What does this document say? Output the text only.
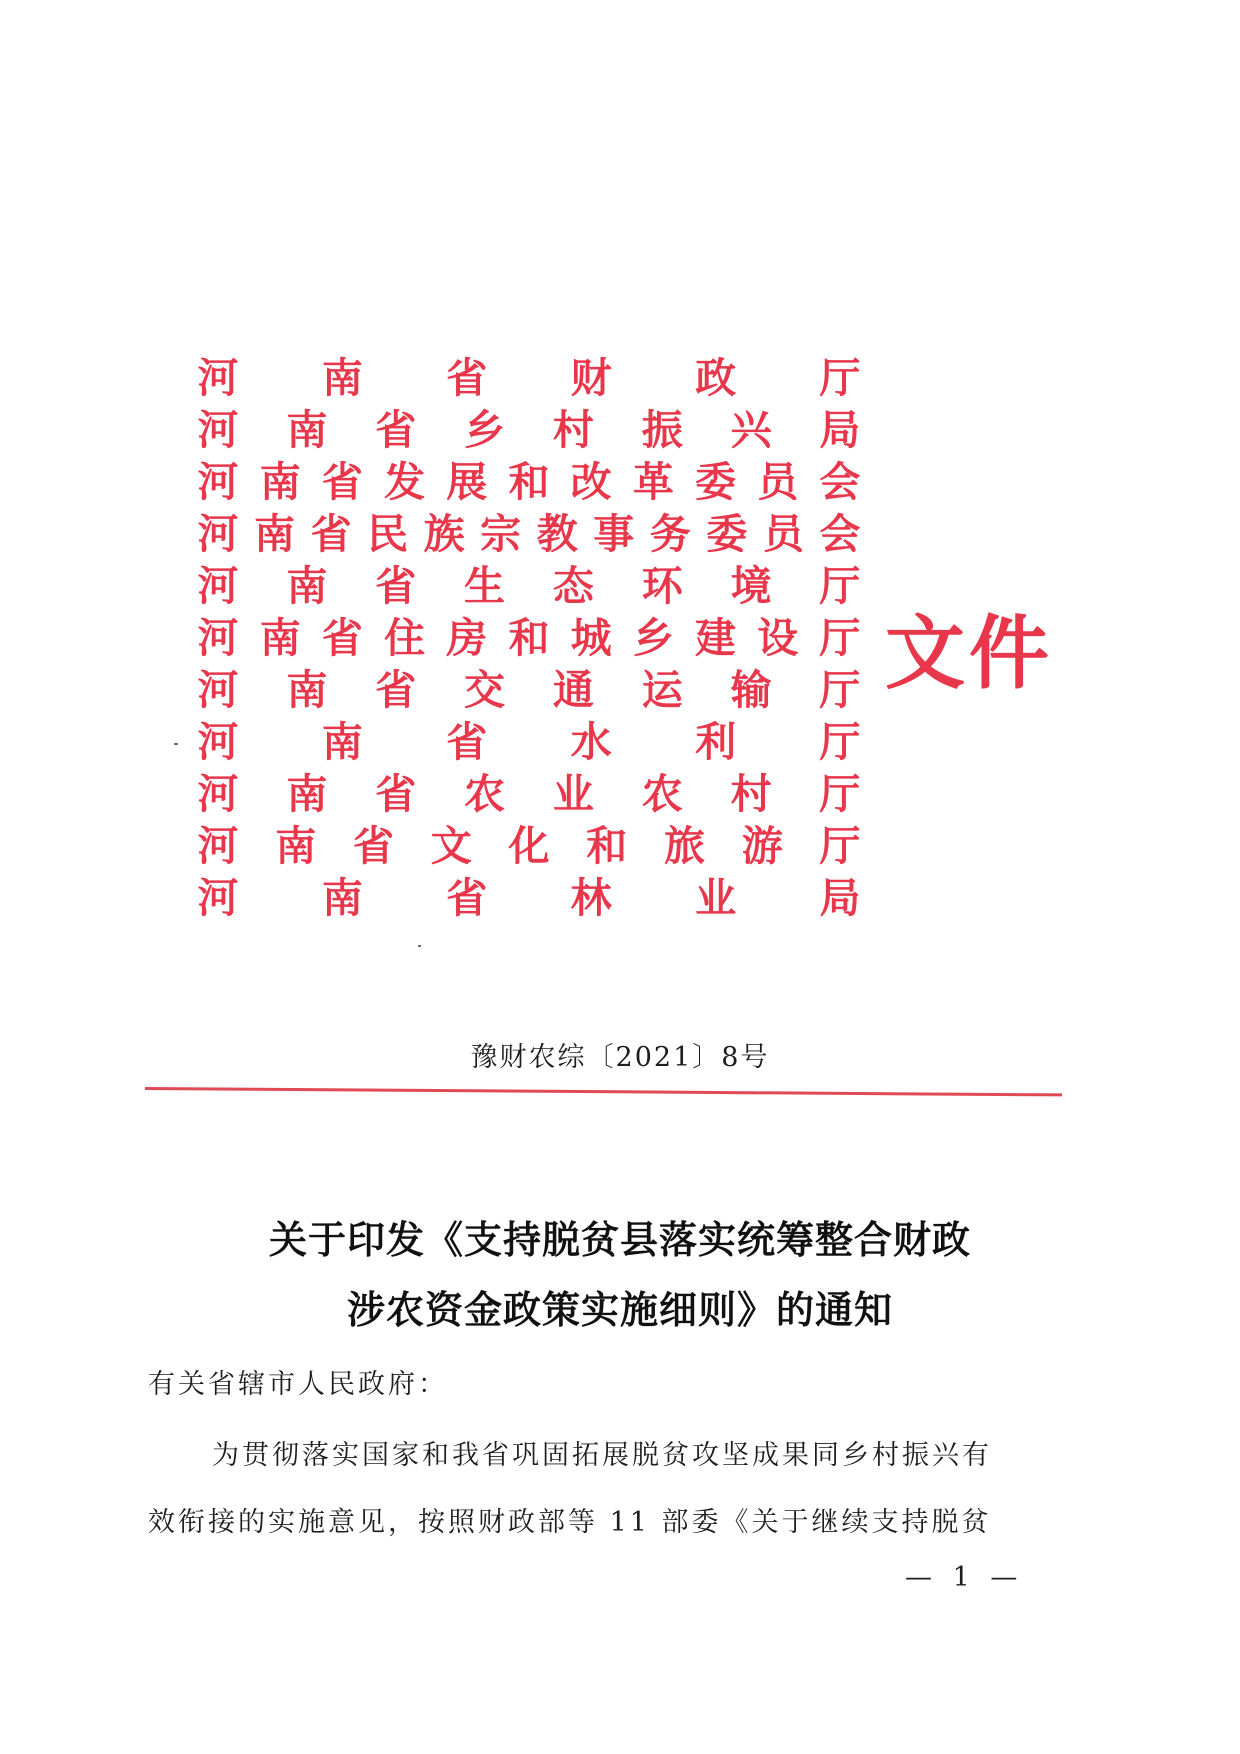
河 南 省 财 政 厅
河 南 省 乡 村 振 兴 局
河 南 省 发 展 和 改 革 委 员 会
河 南 省 民 族 宗 教 事 务 委 员 会
河 南 省 生 态 环 境 厅
河 南 省 住 房 和 城 乡 建 设 厅
河 南 省 交 通 运 输 厅
河 南 省 水 利 厅
河 南 省 农 业 农 村 厅
河 南 省 文 化 和 旅 游 厅
河 南 省 林 业 局
文件
豫财农综〔2021〕8号
关于印发《支持脱贫县落实统筹整合财政
涉农资金政策实施细则》的通知
有关省辖市人民政府：
为贯彻落实国家和我省巩固拓展脱贫攻坚成果同乡村振兴有
效衔接的实施意见，按照财政部等 11 部委《关于继续支持脱贫
— 1 —
